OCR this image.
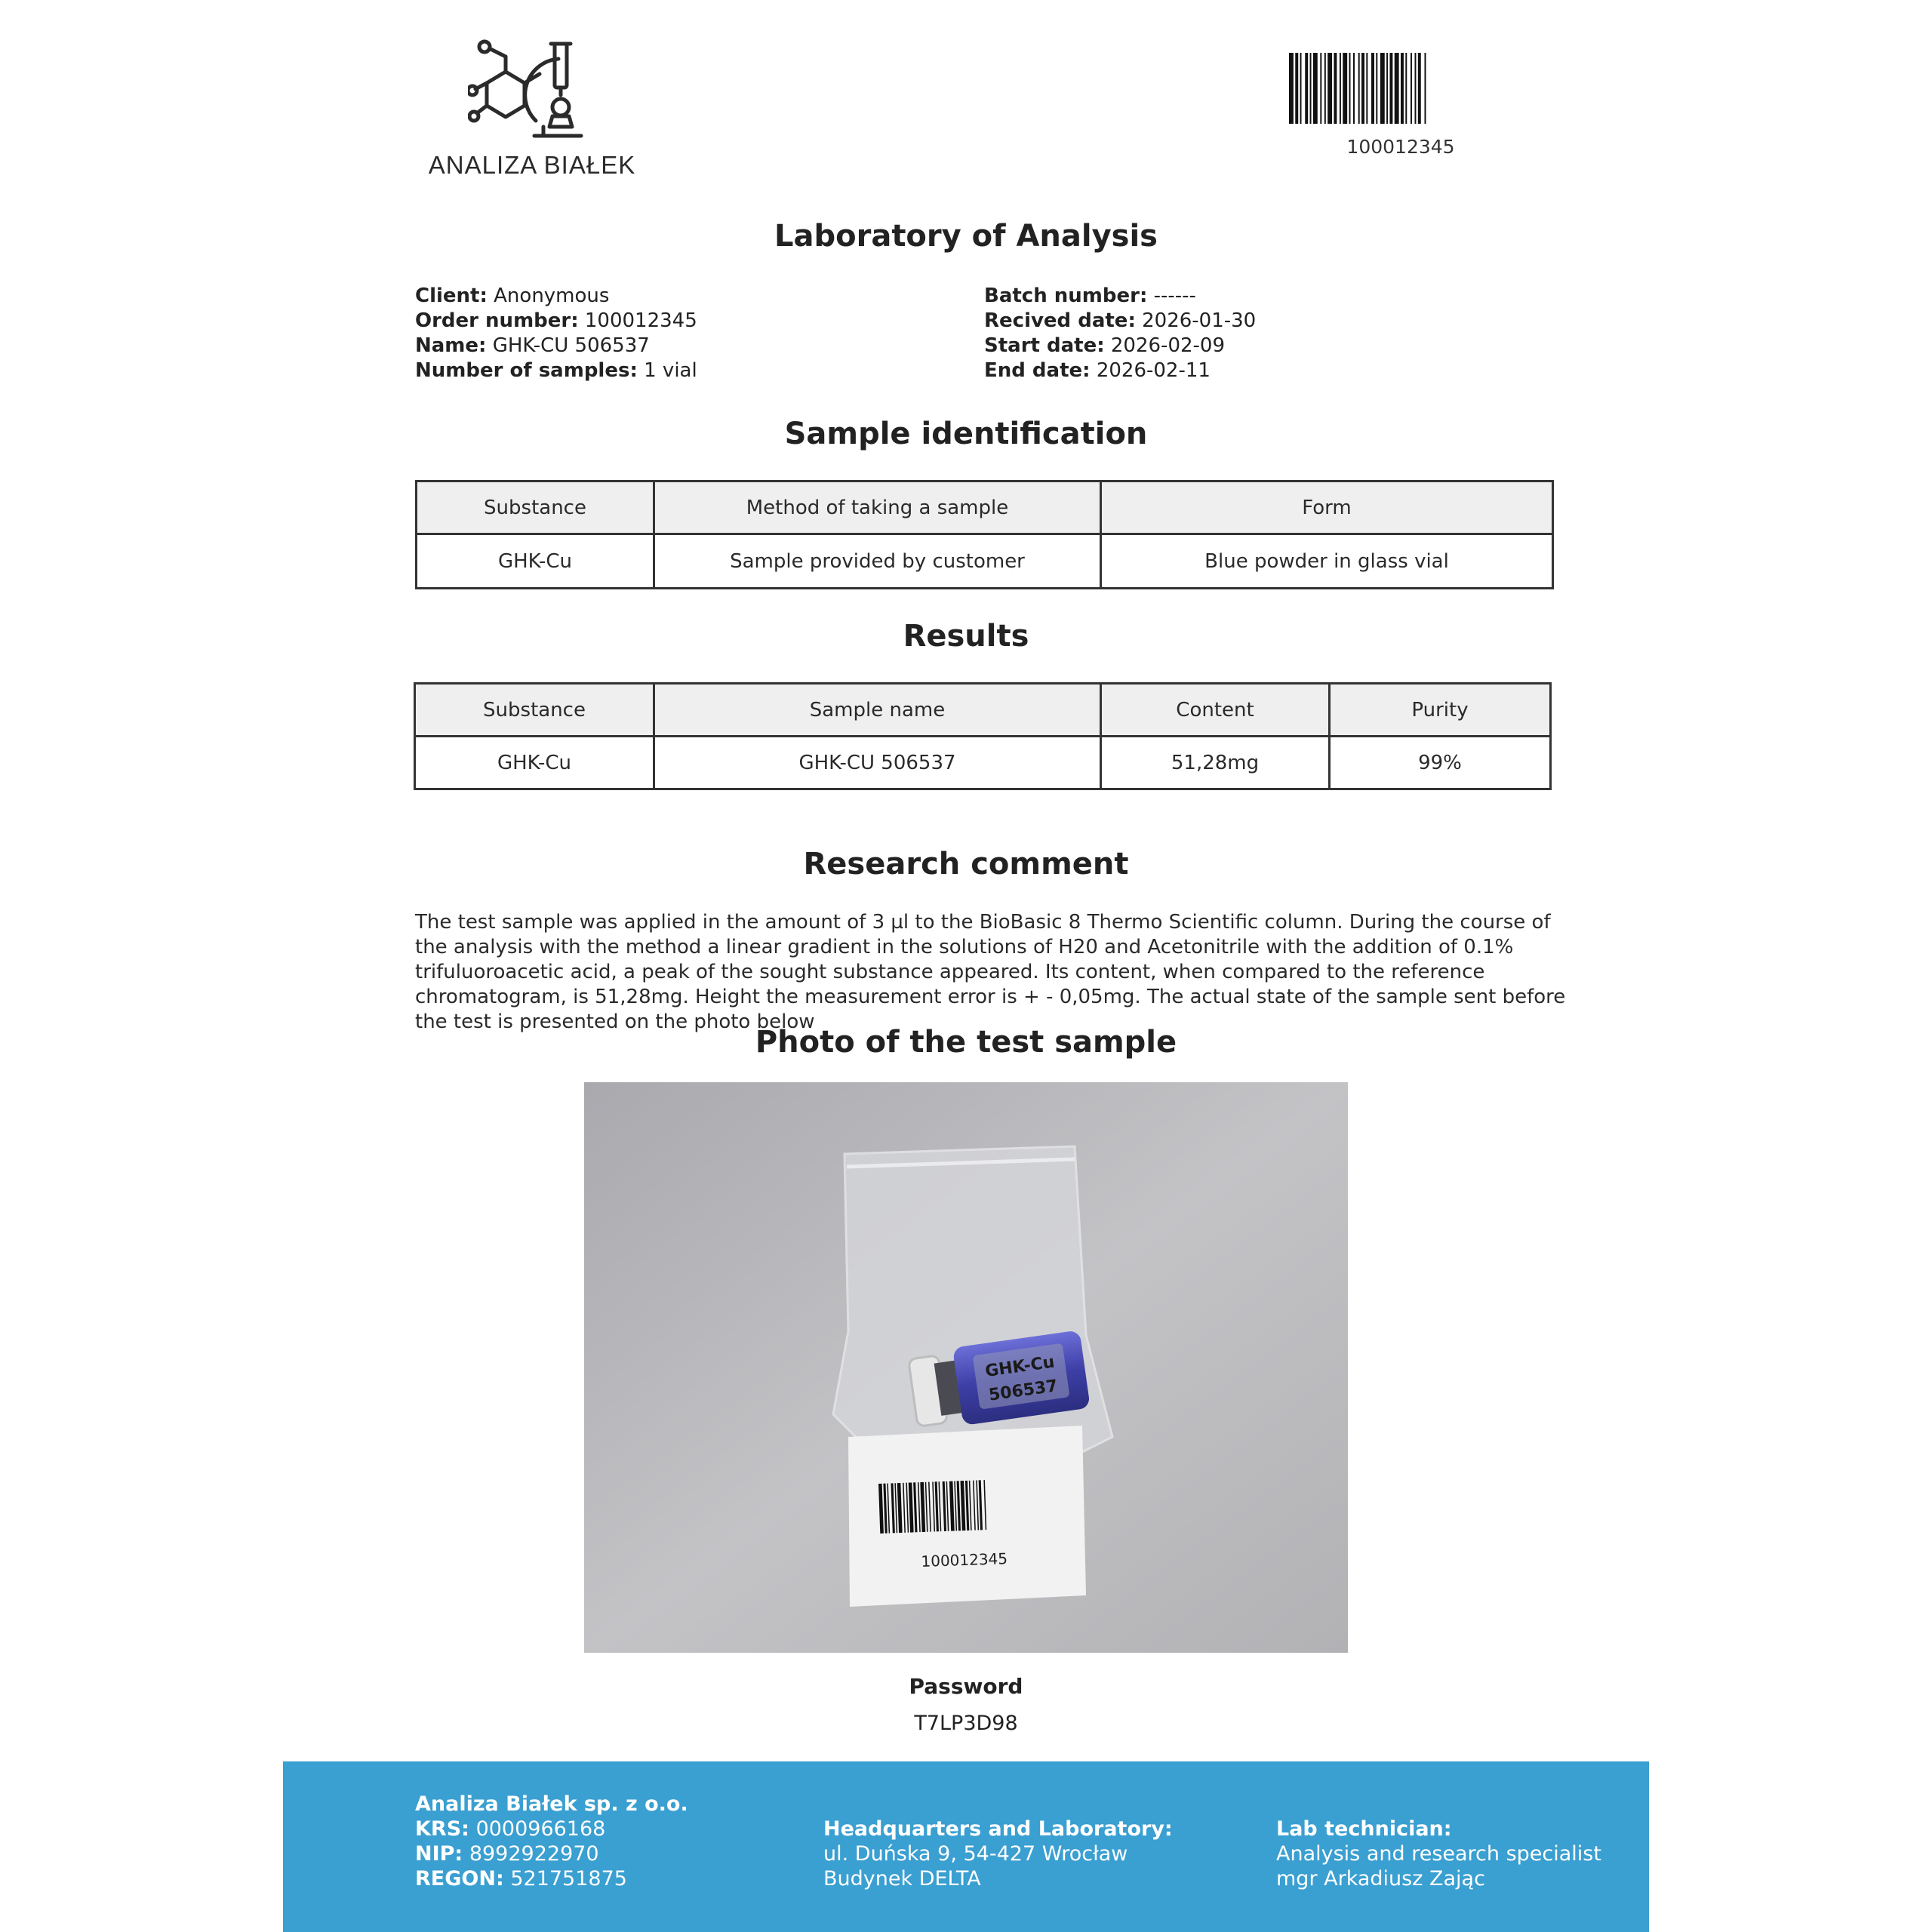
ANALIZA BIAŁEK
100012345
Laboratory of Analysis
Client: Anonymous
Order number: 100012345
Name: GHK-CU 506537
Number of samples: 1 vial
Batch number: ------
Recived date: 2026-01-30
Start date: 2026-02-09
End date: 2026-02-11
Sample identification
Substance	Method of taking a sample	Form
GHK-Cu	Sample provided by customer	Blue powder in glass vial
Results
Substance	Sample name	Content	Purity
GHK-Cu	GHK-CU 506537	51,28mg	99%
Research comment
The test sample was applied in the amount of 3 µl to the BioBasic 8 Thermo Scientific column. During the course of the analysis with the method a linear gradient in the solutions of H20 and Acetonitrile with the addition of 0.1% trifuluoroacetic acid, a peak of the sought substance appeared. Its content, when compared to the reference chromatogram, is 51,28mg. Height the measurement error is + - 0,05mg. The actual state of the sample sent before the test is presented on the photo below
Photo of the test sample
100012345
GHK-Cu
506537
Password
T7LP3D98
Analiza Białek sp. z o.o.
KRS: 0000966168
NIP: 8992922970
REGON: 521751875
Headquarters and Laboratory:
ul. Duńska 9, 54-427 Wrocław
Budynek DELTA
Lab technician:
Analysis and research specialist
mgr Arkadiusz Zając
